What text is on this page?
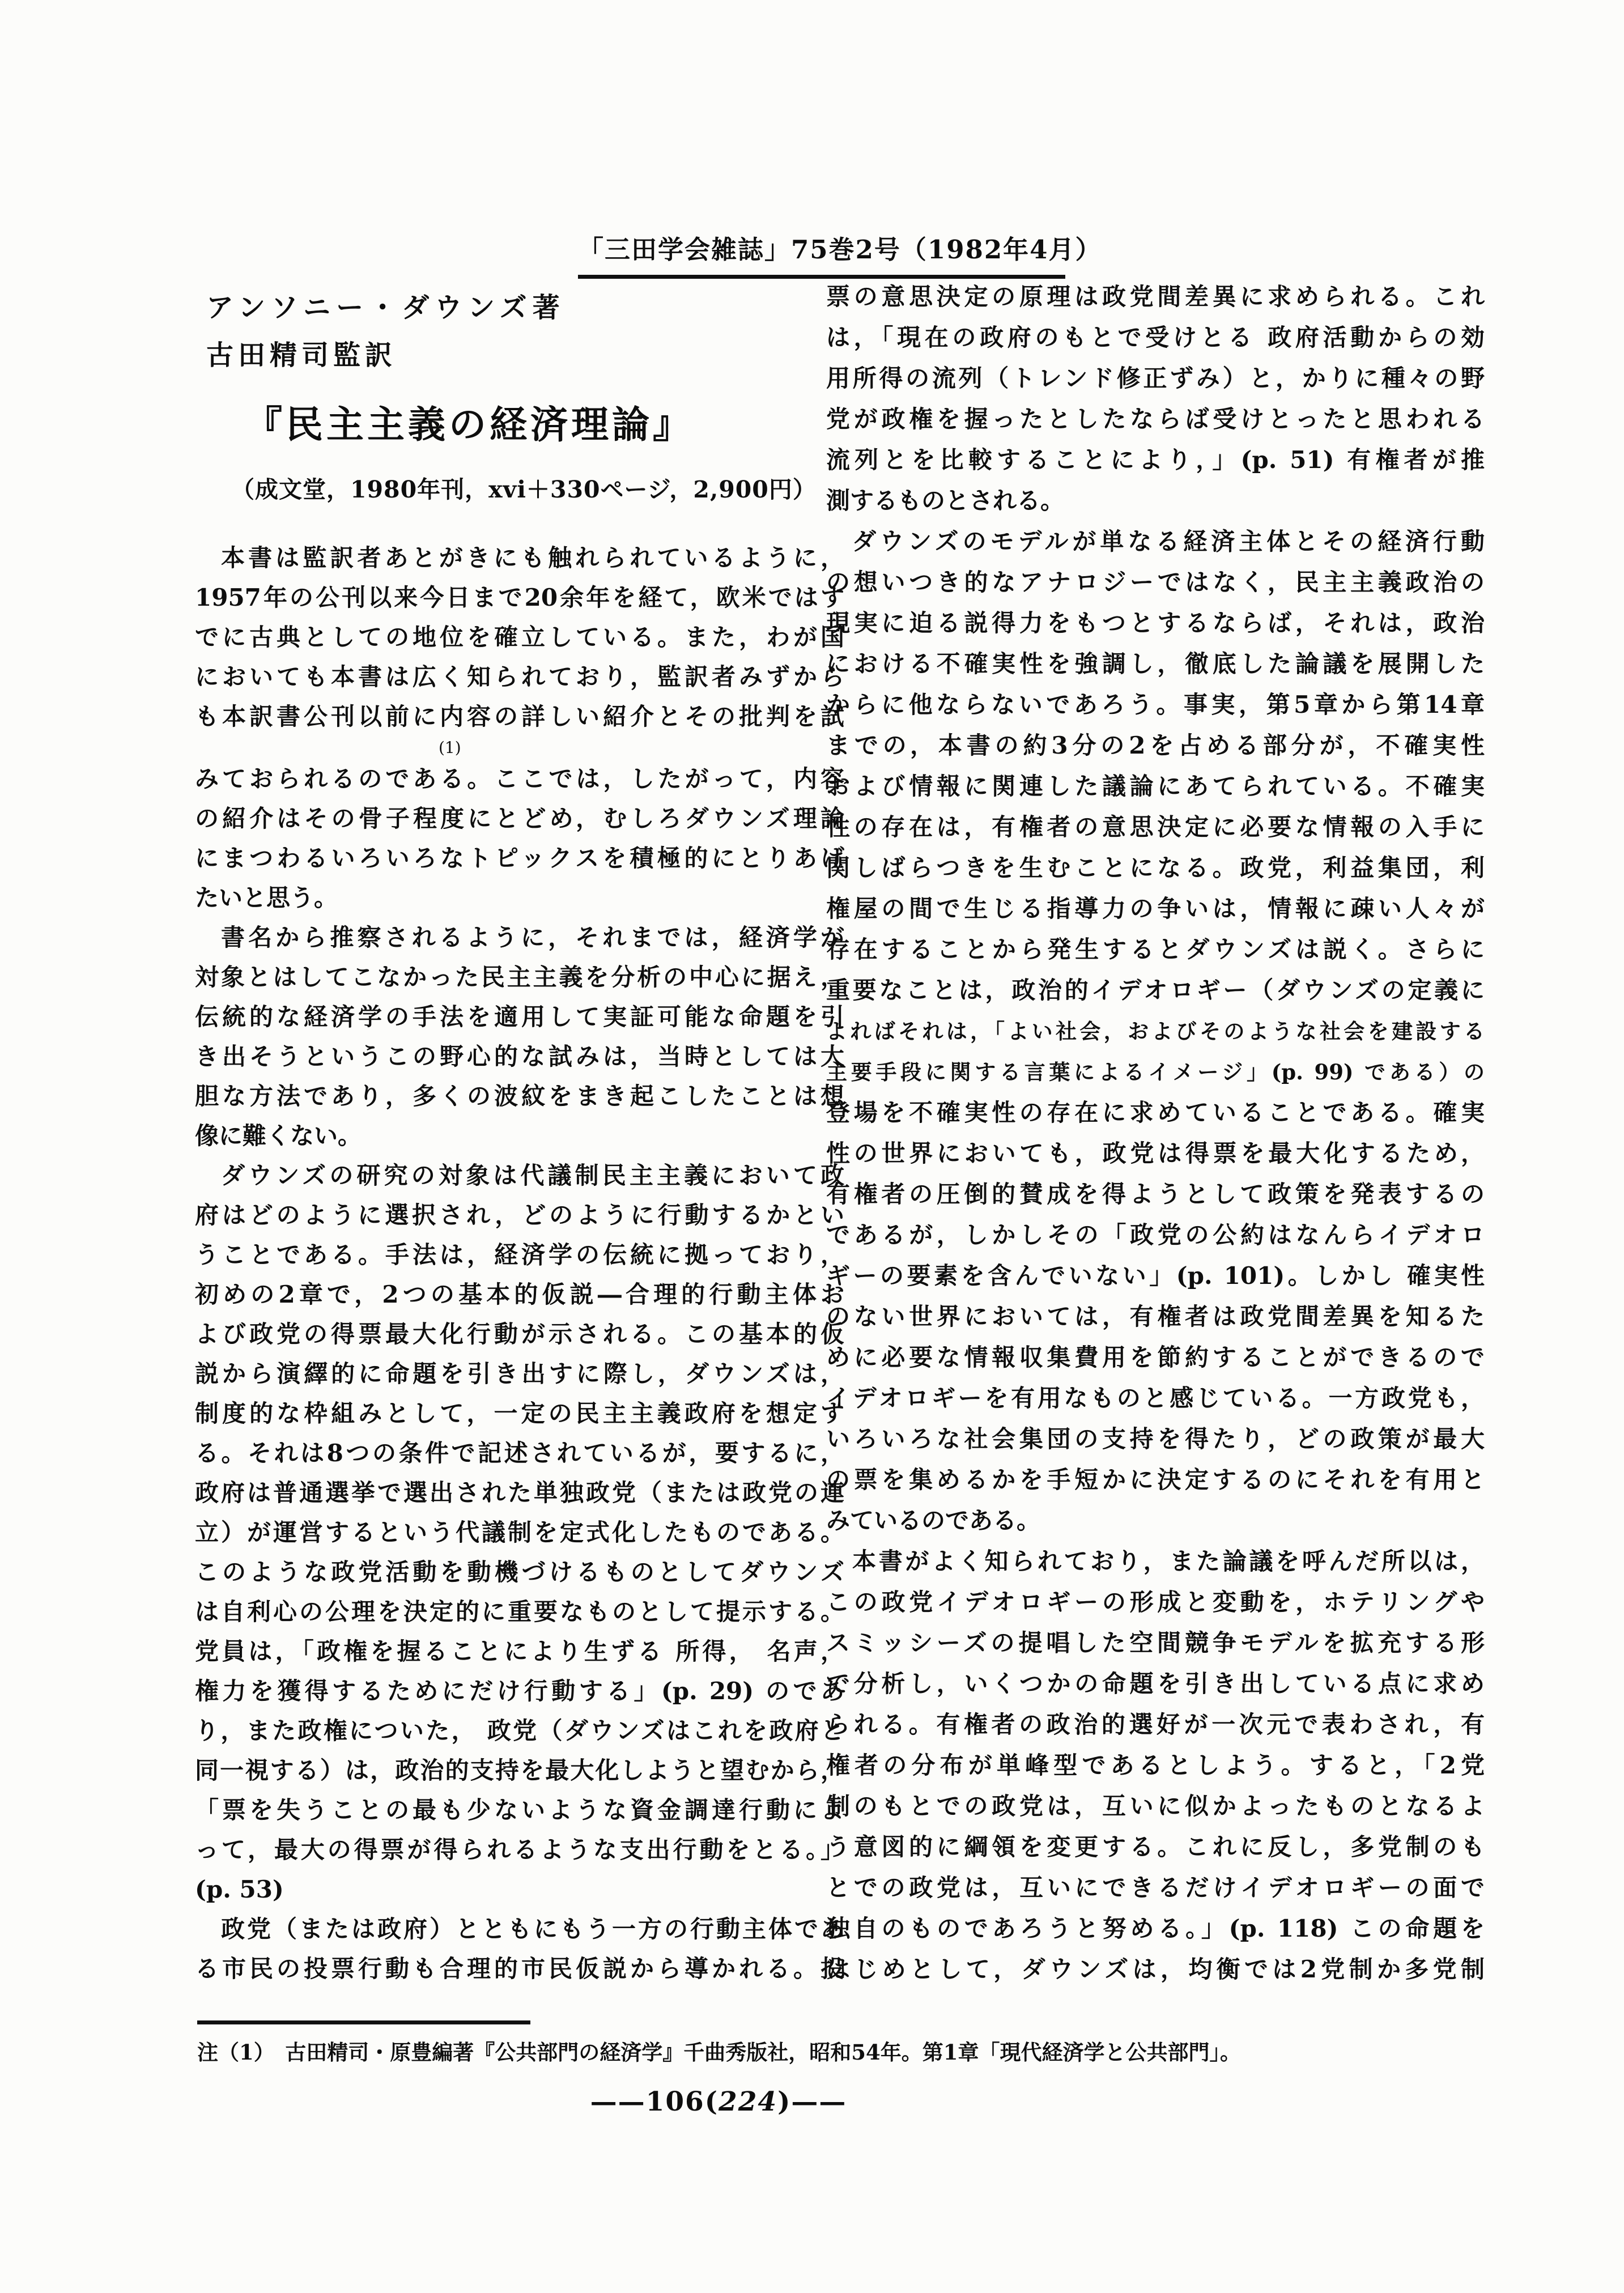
「三田学会雑誌」75巻2号（1982年4月）
アンソニー・ダウンズ著
古田精司監訳
『民主主義の経済理論』
（成文堂，1980年刊，xvi＋330ページ，2,900円）
本書は監訳者あとがきにも触れられているように，
1957年の公刊以来今日まで20余年を経て，欧米ではす
でに古典としての地位を確立している。また，わが国
においても本書は広く知られており，監訳者みずから
も本訳書公刊以前に内容の詳しい紹介とその批判を試
(1)
みておられるのである。ここでは，したがって，内容
の紹介はその骨子程度にとどめ，むしろダウンズ理論
にまつわるいろいろなトピックスを積極的にとりあげ
たいと思う。
書名から推察されるように，それまでは，経済学が
対象とはしてこなかった民主主義を分析の中心に据え，
伝統的な経済学の手法を適用して実証可能な命題を引
き出そうというこの野心的な試みは，当時としては大
胆な方法であり，多くの波紋をまき起こしたことは想
像に難くない。
ダウンズの研究の対象は代議制民主主義において政
府はどのように選択され，どのように行動するかとい
うことである。手法は，経済学の伝統に拠っており，
初めの2章で，2つの基本的仮説―合理的行動主体お
よび政党の得票最大化行動が示される。この基本的仮
説から演繹的に命題を引き出すに際し，ダウンズは，
制度的な枠組みとして，一定の民主主義政府を想定す
る。それは8つの条件で記述されているが，要するに，
政府は普通選挙で選出された単独政党（または政党の連
立）が運営するという代議制を定式化したものである。
このような政党活動を動機づけるものとしてダウンズ
は自利心の公理を決定的に重要なものとして提示する。
党員は，「政権を握ることにより生ずる 所得， 名声，
権力を獲得するためにだけ行動する」(p. 29) のであ
り，また政権についた， 政党（ダウンズはこれを政府と
同一視する）は，政治的支持を最大化しようと望むから，
「票を失うことの最も少ないような資金調達行動によ
って，最大の得票が得られるような支出行動をとる。」
(p. 53)
政党（または政府）とともにもう一方の行動主体であ
る市民の投票行動も合理的市民仮説から導かれる。投
票の意思決定の原理は政党間差異に求められる。これ
は，「現在の政府のもとで受けとる 政府活動からの効
用所得の流列（トレンド修正ずみ）と，かりに種々の野
党が政権を握ったとしたならば受けとったと思われる
流列とを比較することにより，」(p. 51) 有権者が推
測するものとされる。
ダウンズのモデルが単なる経済主体とその経済行動
の想いつき的なアナロジーではなく，民主主義政治の
現実に迫る説得力をもつとするならば，それは，政治
における不確実性を強調し，徹底した論議を展開した
からに他ならないであろう。事実，第5章から第14章
までの，本書の約3分の2を占める部分が，不確実性
および情報に関連した議論にあてられている。不確実
性の存在は，有権者の意思決定に必要な情報の入手に
関しばらつきを生むことになる。政党，利益集団，利
権屋の間で生じる指導力の争いは，情報に疎い人々が
存在することから発生するとダウンズは説く。さらに
重要なことは，政治的イデオロギー（ダウンズの定義に
よればそれは，「よい社会，およびそのような社会を建設する
主要手段に関する言葉によるイメージ」(p. 99) である）の
登場を不確実性の存在に求めていることである。確実
性の世界においても，政党は得票を最大化するため，
有権者の圧倒的賛成を得ようとして政策を発表するの
であるが，しかしその「政党の公約はなんらイデオロ
ギーの要素を含んでいない」(p. 101)。しかし 確実性
のない世界においては，有権者は政党間差異を知るた
めに必要な情報収集費用を節約することができるので
イデオロギーを有用なものと感じている。一方政党も，
いろいろな社会集団の支持を得たり，どの政策が最大
の票を集めるかを手短かに決定するのにそれを有用と
みているのである。
本書がよく知られており，また論議を呼んだ所以は，
この政党イデオロギーの形成と変動を，ホテリングや
スミッシーズの提唱した空間競争モデルを拡充する形
で分析し，いくつかの命題を引き出している点に求め
られる。有権者の政治的選好が一次元で表わされ，有
権者の分布が単峰型であるとしよう。すると，「2党
制のもとでの政党は，互いに似かよったものとなるよ
う意図的に綱領を変更する。これに反し，多党制のも
とでの政党は，互いにできるだけイデオロギーの面で
独自のものであろうと努める。」(p. 118) この命題を
はじめとして，ダウンズは，均衡では2党制か多党制
注（1）　古田精司・原豊編著『公共部門の経済学』千曲秀版社，昭和54年。第1章「現代経済学と公共部門」。
——106(224)——
